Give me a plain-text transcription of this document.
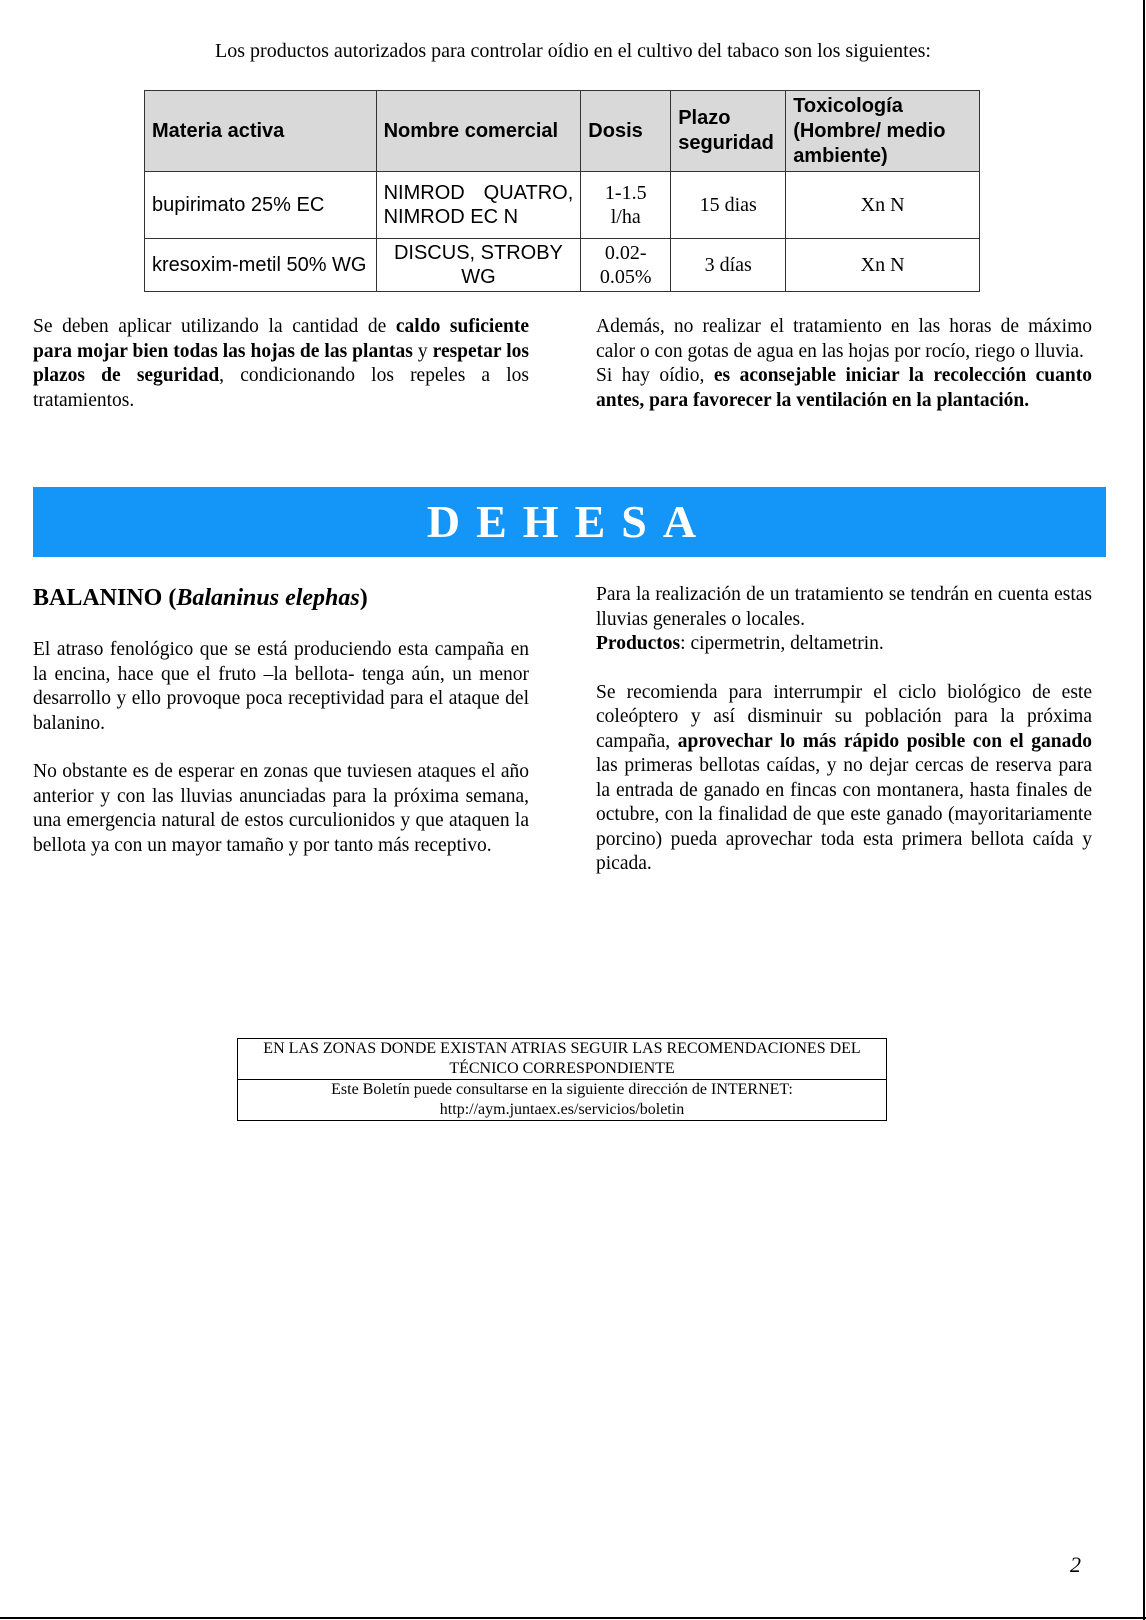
Los productos autorizados para controlar oídio en el cultivo del tabaco son los siguientes:
Materia activa	Nombre comercial	Dosis	Plazo seguridad	Toxicología (Hombre/ medio ambiente)
bupirimato 25% EC	NIMROD QUATRO, NIMROD EC N	1-1.5 l/ha	15 dias	Xn N
kresoxim-metil 50% WG	DISCUS, STROBY WG	0.02-0.05%	3 días	Xn N

Se deben aplicar utilizando la cantidad de caldo suficiente para mojar bien todas las hojas de las plantas y respetar los plazos de seguridad, condicionando los repeles a los tratamientos.

Además, no realizar el tratamiento en las horas de máximo calor o con gotas de agua en las hojas por rocío, riego o lluvia.

Si hay oídio, es aconsejable iniciar la recolección cuanto antes, para favorecer la ventilación en la plantación.

DEHESA
BALANINO (Balaninus elephas)

El atraso fenológico que se está produciendo esta campaña en la encina, hace que el fruto –la bellota- tenga aún, un menor desarrollo y ello provoque poca receptividad para el ataque del balanino.

No obstante es de esperar en zonas que tuviesen ataques el año anterior y con las lluvias anunciadas para la próxima semana, una emergencia natural de estos curculionidos y que ataquen la bellota ya con un mayor tamaño y por tanto más receptivo.

Para la realización de un tratamiento se tendrán en cuenta estas lluvias generales o locales.

Productos: cipermetrin, deltametrin.

Se recomienda para interrumpir el ciclo biológico de este coleóptero y así disminuir su población para la próxima campaña, aprovechar lo más rápido posible con el ganado las primeras bellotas caídas, y no dejar cercas de reserva para la entrada de ganado en fincas con montanera, hasta finales de octubre, con la finalidad de que este ganado (mayoritariamente porcino) pueda aprovechar toda esta primera bellota caída y picada.

EN LAS ZONAS DONDE EXISTAN ATRIAS SEGUIR LAS RECOMENDACIONES DEL TÉCNICO CORRESPONDIENTE
Este Boletín puede consultarse en la siguiente dirección de INTERNET: http://aym.juntaex.es/servicios/boletin
2
